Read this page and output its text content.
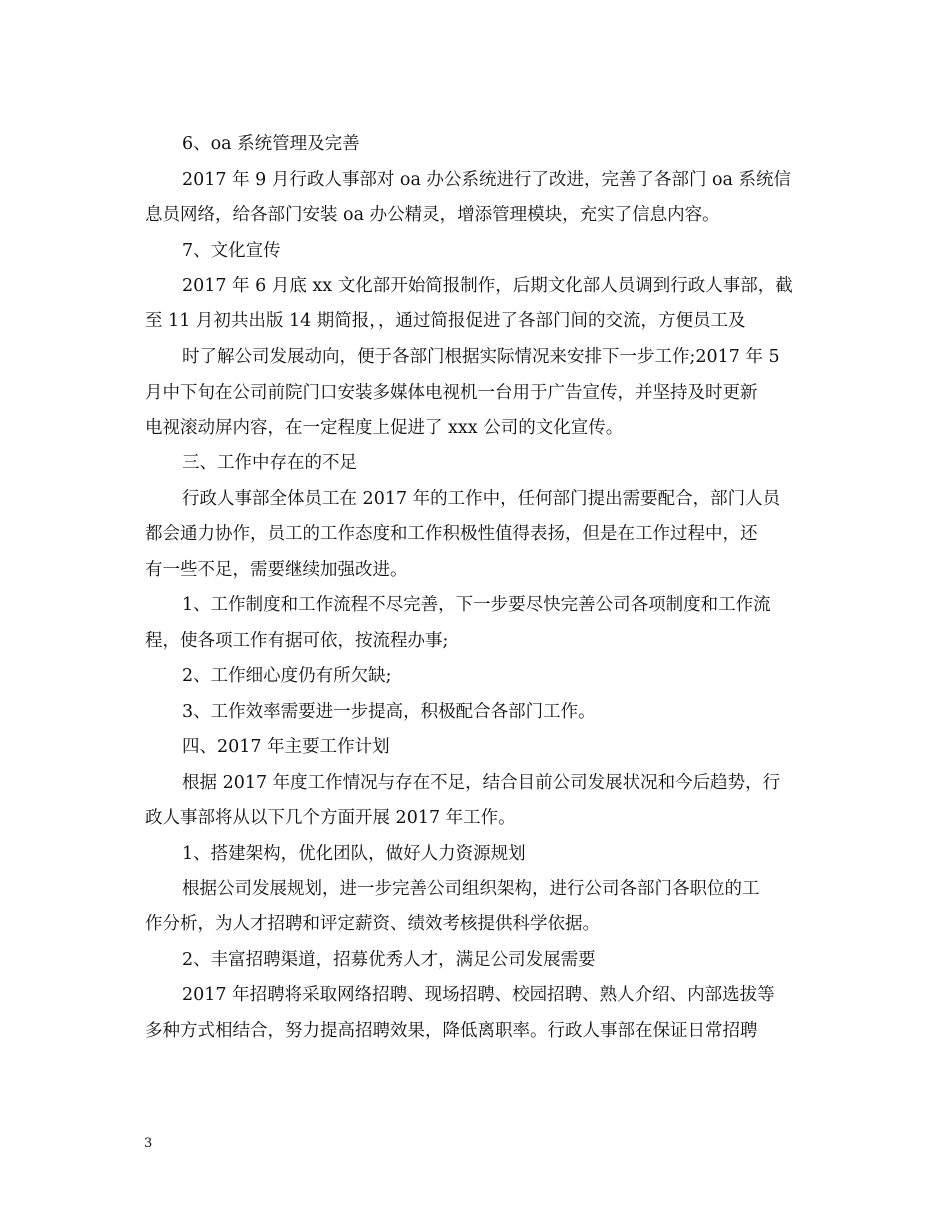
6、oa 系统管理及完善
2017 年 9 月行政人事部对 oa 办公系统进行了改进，完善了各部门 oa 系统信
息员网络，给各部门安装 oa 办公精灵，增添管理模块，充实了信息内容。
7、文化宣传
2017 年 6 月底 xx 文化部开始简报制作，后期文化部人员调到行政人事部，截
至 11 月初共出版 14 期简报，，通过简报促进了各部门间的交流，方便员工及
时了解公司发展动向，便于各部门根据实际情况来安排下一步工作;2017 年 5
月中下旬在公司前院门口安装多媒体电视机一台用于广告宣传，并坚持及时更新
电视滚动屏内容，在一定程度上促进了 xxx 公司的文化宣传。
三、工作中存在的不足
行政人事部全体员工在 2017 年的工作中，任何部门提出需要配合，部门人员
都会通力协作，员工的工作态度和工作积极性值得表扬，但是在工作过程中，还
有一些不足，需要继续加强改进。
1、工作制度和工作流程不尽完善，下一步要尽快完善公司各项制度和工作流
程，使各项工作有据可依，按流程办事;
2、工作细心度仍有所欠缺;
3、工作效率需要进一步提高，积极配合各部门工作。
四、2017 年主要工作计划
根据 2017 年度工作情况与存在不足，结合目前公司发展状况和今后趋势，行
政人事部将从以下几个方面开展 2017 年工作。
1、搭建架构，优化团队，做好人力资源规划
根据公司发展规划，进一步完善公司组织架构，进行公司各部门各职位的工
作分析，为人才招聘和评定薪资、绩效考核提供科学依据。
2、丰富招聘渠道，招募优秀人才，满足公司发展需要
2017 年招聘将采取网络招聘、现场招聘、校园招聘、熟人介绍、内部选拔等
多种方式相结合，努力提高招聘效果，降低离职率。行政人事部在保证日常招聘
3
